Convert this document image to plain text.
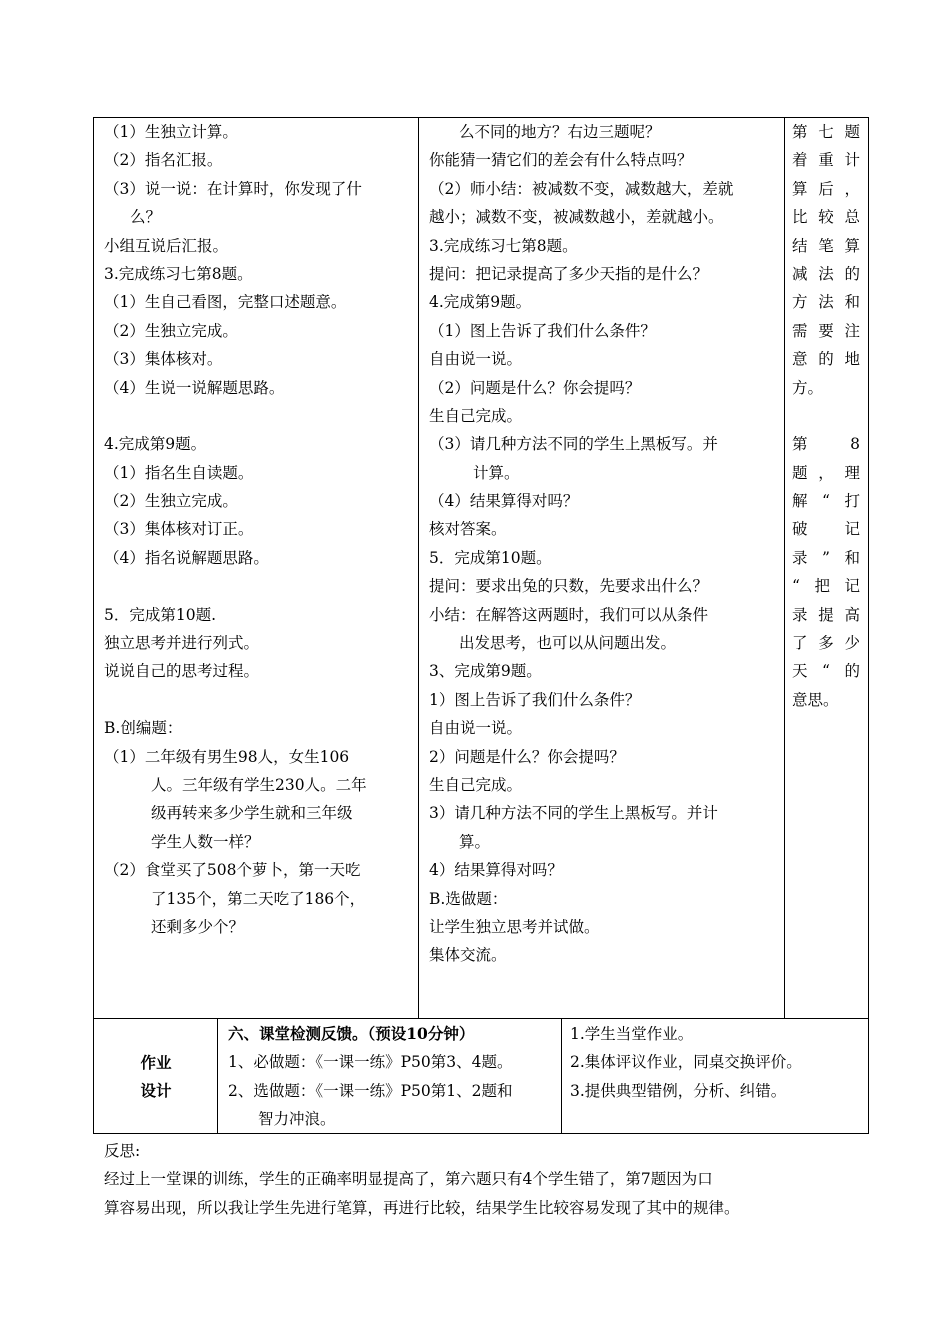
（1）生独立计算。
（2）指名汇报。
（3）说一说：在计算时，你发现了什
么？
小组互说后汇报。
3.完成练习七第8题。
（1）生自己看图，完整口述题意。
（2）生独立完成。
（3）集体核对。
（4）生说一说解题思路。
4.完成第9题。
（1）指名生自读题。
（2）生独立完成。
（3）集体核对订正。
（4）指名说解题思路。
5．完成第10题.
独立思考并进行列式。
说说自己的思考过程。
B.创编题：
（1）二年级有男生98人，女生106
人。三年级有学生230人。二年
级再转来多少学生就和三年级
学生人数一样？
（2）食堂买了508个萝卜，第一天吃
了135个，第二天吃了186个，
还剩多少个？
么不同的地方？右边三题呢？
你能猜一猜它们的差会有什么特点吗？
（2）师小结：被减数不变，减数越大，差就
越小；减数不变，被减数越小，差就越小。
3.完成练习七第8题。
提问：把记录提高了多少天指的是什么？
4.完成第9题。
（1）图上告诉了我们什么条件？
自由说一说。
（2）问题是什么？你会提吗？
生自己完成。
（3）请几种方法不同的学生上黑板写。并
计算。
（4）结果算得对吗？
核对答案。
5．完成第10题。
提问：要求出兔的只数，先要求出什么？
小结：在解答这两题时，我们可以从条件
出发思考，也可以从问题出发。
3、完成第9题。
1）图上告诉了我们什么条件？
自由说一说。
2）问题是什么？你会提吗？
生自己完成。
3）请几种方法不同的学生上黑板写。并计
算。
4）结果算得对吗？
B.选做题：
让学生独立思考并试做。
集体交流。
第七题
着重计
算后，
比较总
结笔算
减法的
方法和
需要注
意的地
方。
第 8
题，理
解“打
破记
录”和
“把记
录提高
了多少
天“的
意思。
作业
设计
六、课堂检测反馈。（预设10分钟）
1、必做题：《一课一练》P50第3、4题。
2、选做题：《一课一练》P50第1、2题和
智力冲浪。
1.学生当堂作业。
2.集体评议作业，同桌交换评价。
3.提供典型错例，分析、纠错。
反思:
经过上一堂课的训练，学生的正确率明显提高了，第六题只有4个学生错了，第7题因为口
算容易出现，所以我让学生先进行笔算，再进行比较，结果学生比较容易发现了其中的规律。
